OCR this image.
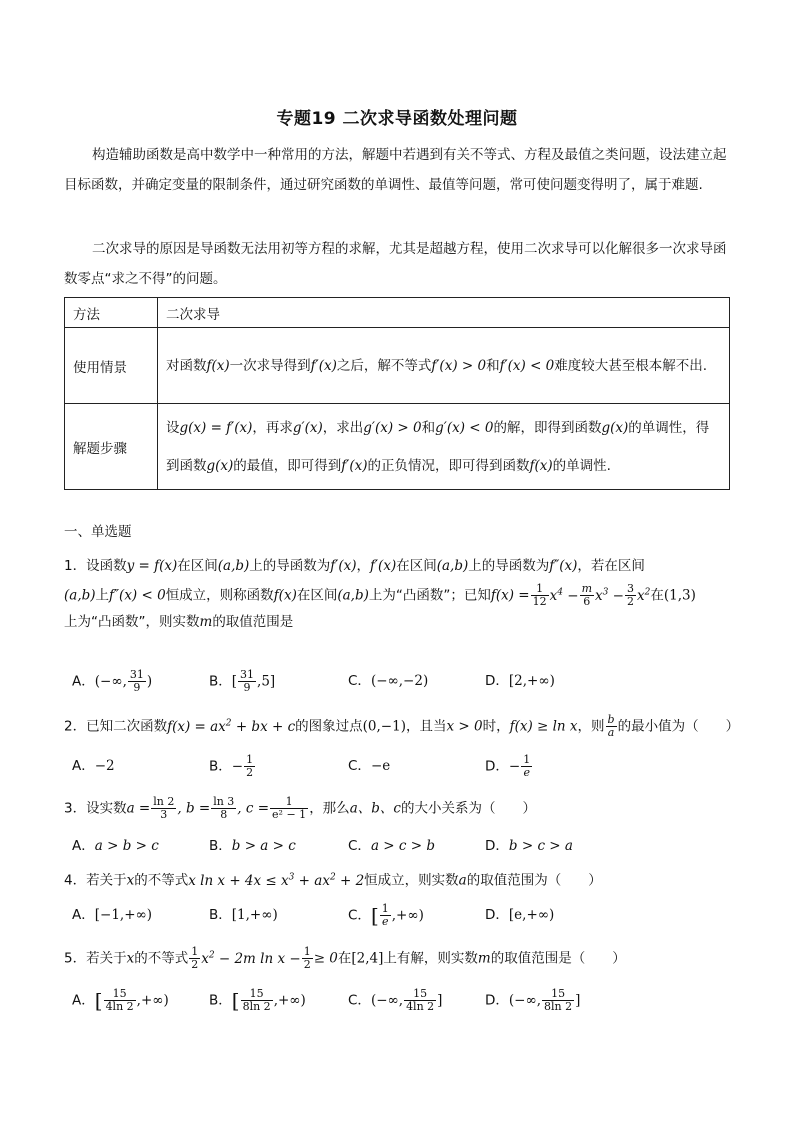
专题19 二次求导函数处理问题
构造辅助函数是高中数学中一种常用的方法，解题中若遇到有关不等式、方程及最值之类问题，设法建立起目标函数，并确定变量的限制条件，通过研究函数的单调性、最值等问题，常可使问题变得明了，属于难题.
二次求导的原因是导函数无法用初等方程的求解，尤其是超越方程，使用二次求导可以化解很多一次求导函数零点“求之不得”的问题。
方法	二次求导
使用情景	对函数f(x)一次求导得到f′(x)之后，解不等式f′(x) > 0和f′(x) < 0难度较大甚至根本解不出.
解题步骤	设g(x) = f′(x)，再求g′(x)，求出g′(x) > 0和g′(x) < 0的解，即得到函数g(x)的单调性，得到函数g(x)的最值，即可得到f′(x)的正负情况，即可得到函数f(x)的单调性.
一、单选题
1．设函数y = f(x)在区间(a,b)上的导函数为f′(x)，f′(x)在区间(a,b)上的导函数为f″(x)，若在区间
(a,b)上f″(x) < 0恒成立，则称函数f(x)在区间(a,b)上为“凸函数”；已知$f(x) = \frac{1}{12} x^4 - \frac{m}{6} x^3 - \frac{3}{2} x^2$在(1,3)
上为“凸函数”，则实数m的取值范围是
A．(−∞, $\frac{31}{9}$ )	B．[ $\frac{31}{9} ,5$]	C．(−∞,−2)	D．[2,+∞)
2．已知二次函数$f(x) = ax^2$ + bx + c的图象过点(0,−1)，且当x > 0时，f(x) ≥ ln x，则 $\frac{b}{a}$ 的最小值为（　　）
A．−2	B．− $\frac{1}{2}$	C．−e	D．− $\frac{1}{e}$
3．设实数$a = \frac{\ln 2}{3}$ , $b = \frac{\ln 3}{8}$ , $c = \frac{1}{\text{e² − 1}}$ ，那么a、b、c的大小关系为（　　）
A．a > b > c	B．b > a > c	C．a > c > b	D．b > c > a
4．若关于x的不等式x $\ln x + 4x \le x^3 + ax^2 + 2$恒成立，则实数a的取值范围为（　　）
A．[−1,+∞)	B．[1,+∞)	C．[ $\frac{1}{e}$ ,+∞)	D．[e,+∞)
5．若关于x的不等式 $\frac{1}{2} x^2 - 2m$ $\ln x - \frac{1}{2} \ge 0$在[2,4]上有解，则实数m的取值范围是（　　）
A．[ $\frac{15}{4\ln 2}$ ,+∞)	B．[ $\frac{15}{8\ln 2}$ ,+∞)	C．(−∞, $\frac{15}{4\ln 2}$ ]	D．(−∞, $\frac{15}{8\ln 2}$ ]
